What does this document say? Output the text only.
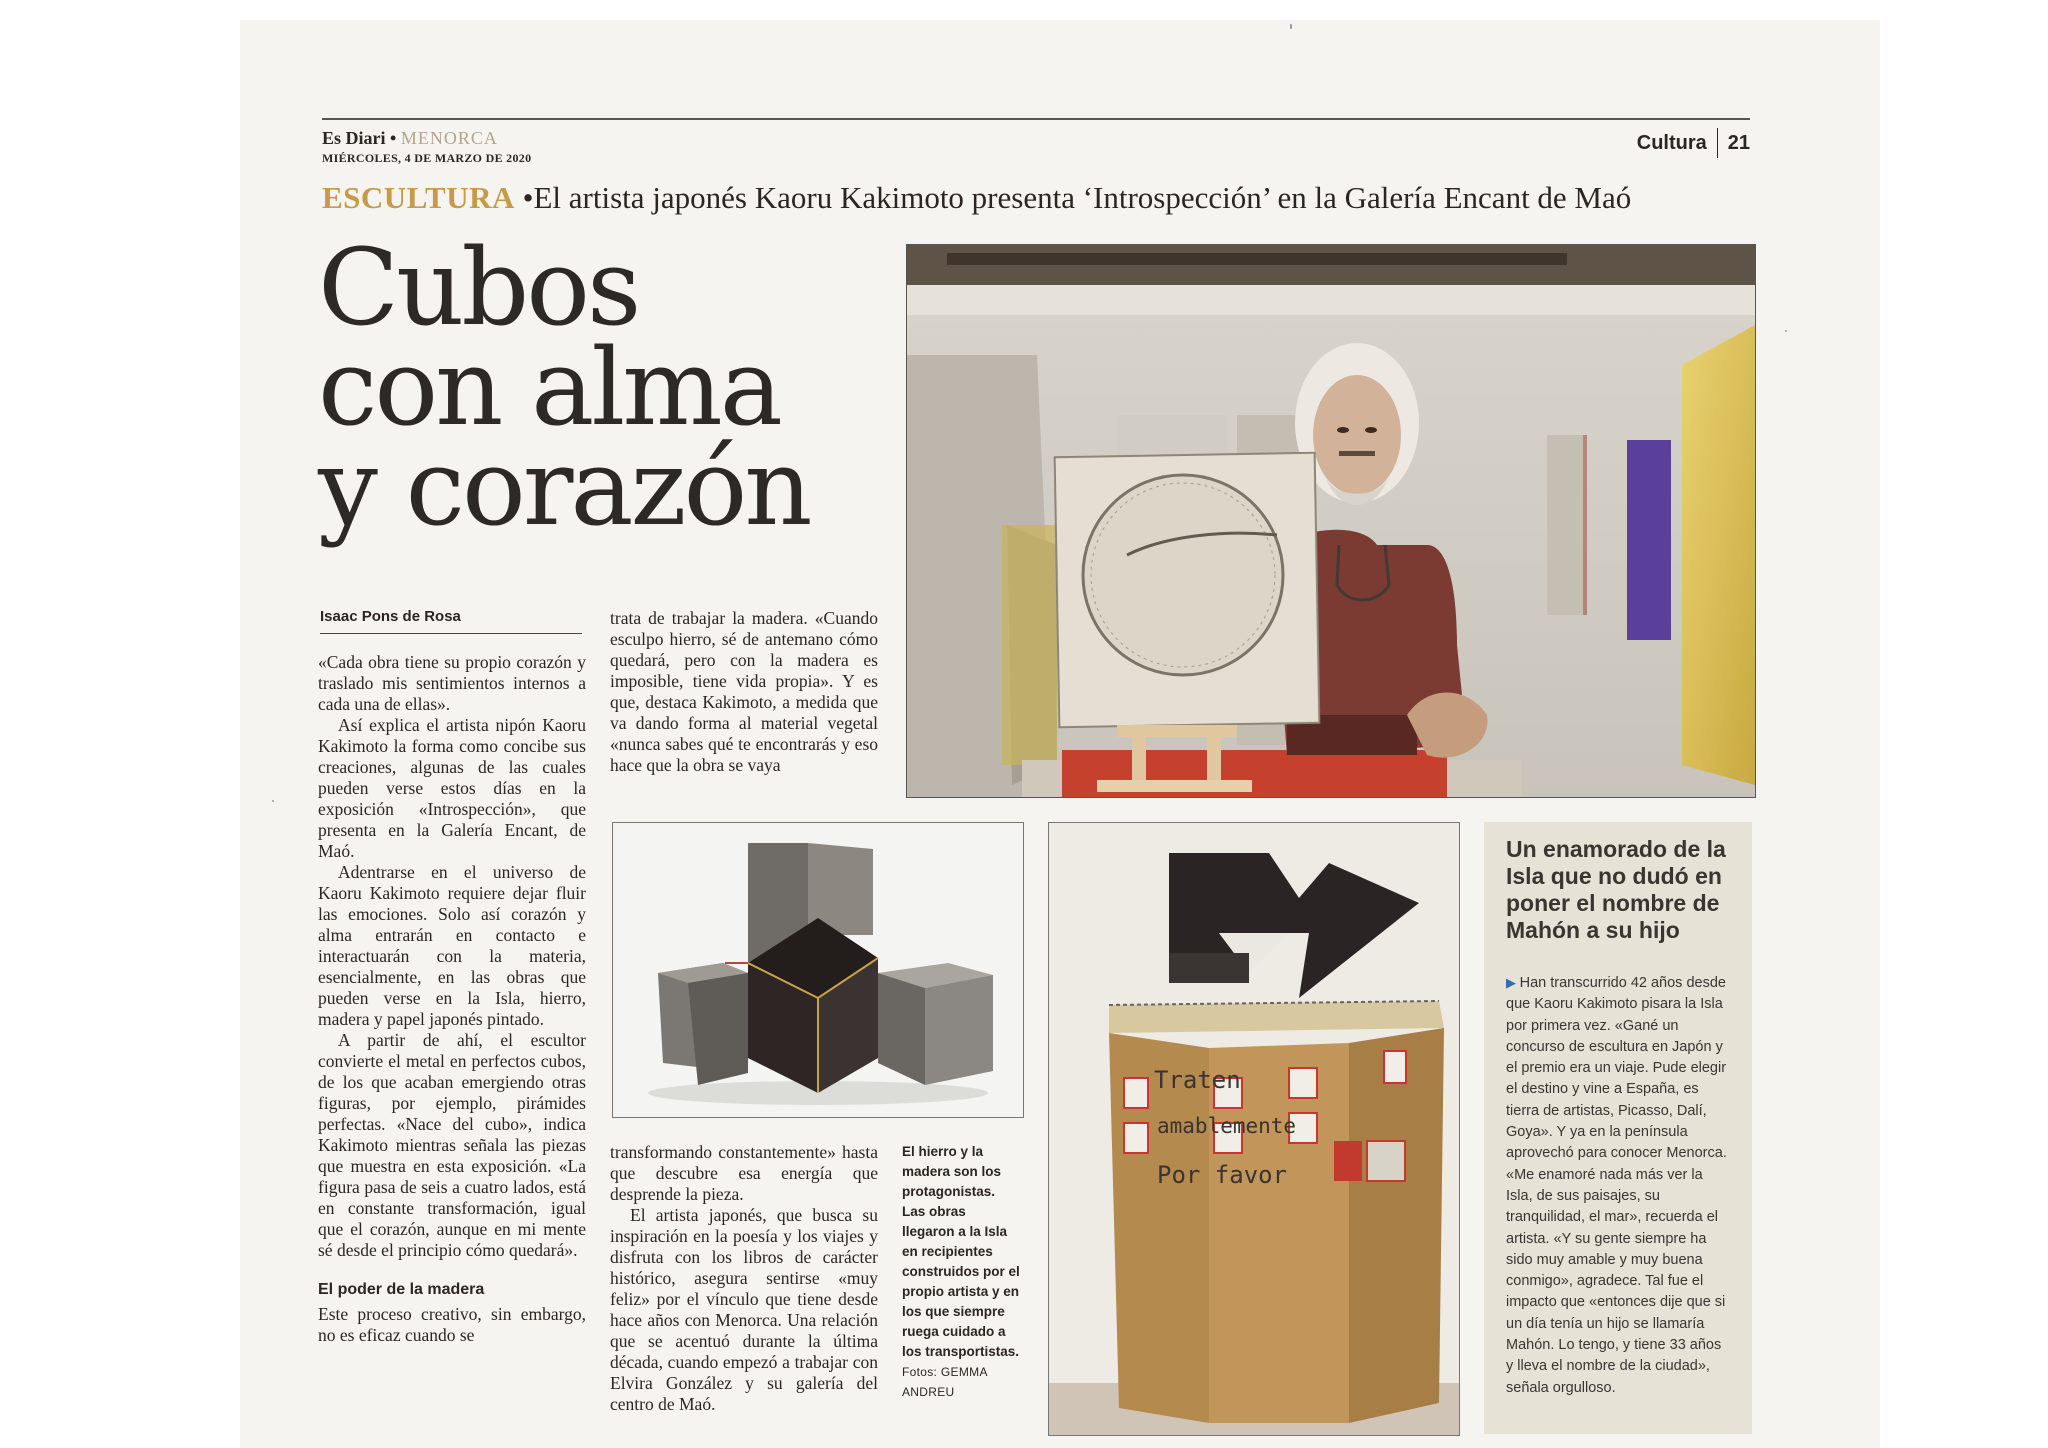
Es Diari • MENORCA
MIÉRCOLES, 4 DE MARZO DE 2020
Cultura 21
ESCULTURA •El artista japonés Kaoru Kakimoto presenta ‘Introspección’ en la Galería Encant de Maó
Cubos
con alma
y corazón
Isaac Pons de Rosa

«Cada obra tiene su propio corazón y traslado mis sentimientos internos a cada una de ellas».

Así explica el artista nipón Kaoru Kakimoto la forma como concibe sus creaciones, algunas de las cuales pueden verse estos días en la exposición «Introspección», que presenta en la Galería Encant, de Maó.

Adentrarse en el universo de Kaoru Kakimoto requiere dejar fluir las emociones. Solo así corazón y alma entrarán en contacto e interactuarán con la materia, esencialmente, en las obras que pueden verse en la Isla, hierro, madera y papel japonés pintado.

A partir de ahí, el escultor convierte el metal en perfectos cubos, de los que acaban emergiendo otras figuras, por ejemplo, pirámides perfectas. «Nace del cubo», indica Kakimoto mientras señala las piezas que muestra en esta exposición. «La figura pasa de seis a cuatro lados, está en constante transformación, igual que el corazón, aunque en mi mente sé desde el principio cómo quedará».

El poder de la madera

Este proceso creativo, sin embargo, no es eficaz cuando se

trata de trabajar la madera. «Cuando esculpo hierro, sé de antemano cómo quedará, pero con la madera es imposible, tiene vida propia». Y es que, destaca Kakimoto, a medida que va dando forma al material vegetal «nunca sabes qué te encontrarás y eso hace que la obra se vaya

transformando constantemente» hasta que descubre esa energía que desprende la pieza.

El artista japonés, que busca su inspiración en la poesía y los viajes y disfruta con los libros de carácter histórico, asegura sentirse «muy feliz» por el vínculo que tiene desde hace años con Menorca. Una relación que se acentuó durante la última década, cuando empezó a trabajar con Elvira González y su galería del centro de Maó.

El hierro y la madera son los protagonistas. Las obras llegaron a la Isla en recipientes construidos por el propio artista y en los que siempre ruega cuidado a los transportistas. Fotos: GEMMA ANDREU
Traten
amablemente
Por favor
Un enamorado de la Isla que no dudó en poner el nombre de Mahón a su hijo

▶ Han transcurrido 42 años desde que Kaoru Kakimoto pisara la Isla por primera vez. «Gané un concurso de escultura en Japón y el premio era un viaje. Pude elegir el destino y vine a España, es tierra de artistas, Picasso, Dalí, Goya». Y ya en la península aprovechó para conocer Menorca. «Me enamoré nada más ver la Isla, de sus paisajes, su tranquilidad, el mar», recuerda el artista. «Y su gente siempre ha sido muy amable y muy buena conmigo», agradece. Tal fue el impacto que «entonces dije que si un día tenía un hijo se llamaría Mahón. Lo tengo, y tiene 33 años y lleva el nombre de la ciudad», señala orgulloso.
